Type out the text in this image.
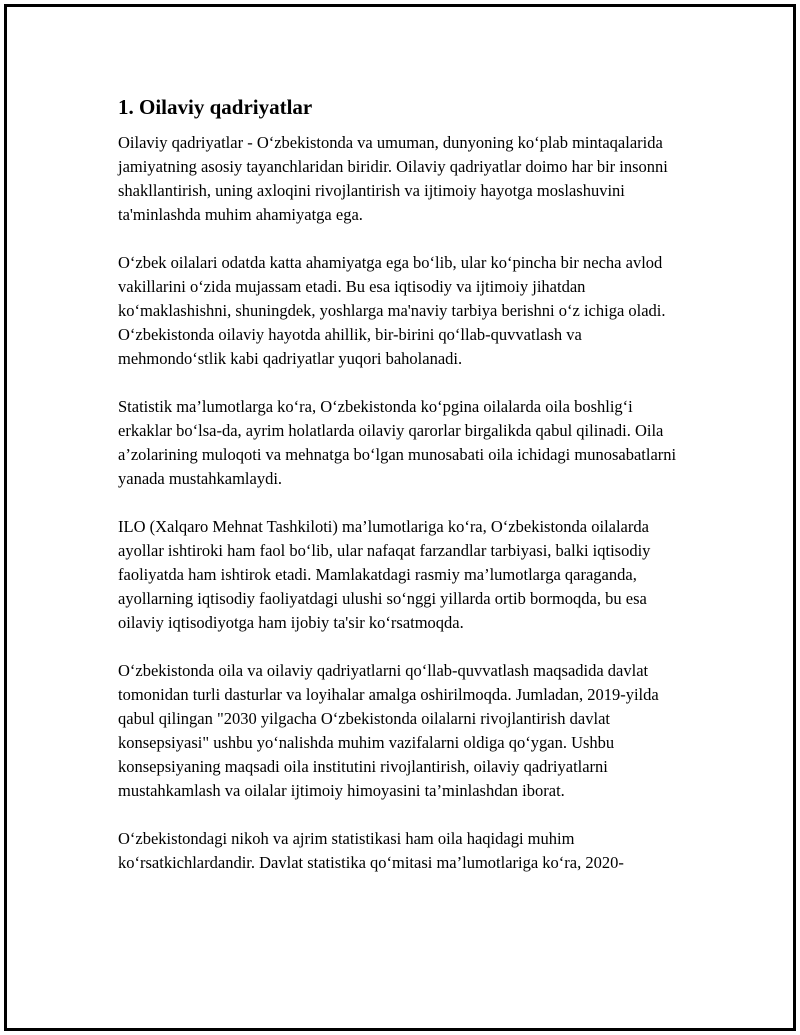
1. Oilaviy qadriyatlar

Oilaviy qadriyatlar - O‘zbekistonda va umuman, dunyoning ko‘plab mintaqalarida jamiyatning asosiy tayanchlaridan biridir. Oilaviy qadriyatlar doimo har bir insonni shakllantirish, uning axloqini rivojlantirish va ijtimoiy hayotga moslashuvini ta'minlashda muhim ahamiyatga ega.

O‘zbek oilalari odatda katta ahamiyatga ega bo‘lib, ular ko‘pincha bir necha avlod vakillarini o‘zida mujassam etadi. Bu esa iqtisodiy va ijtimoiy jihatdan ko‘maklashishni, shuningdek, yoshlarga ma'naviy tarbiya berishni o‘z ichiga oladi. O‘zbekistonda oilaviy hayotda ahillik, bir-birini qo‘llab-quvvatlash va mehmondo‘stlik kabi qadriyatlar yuqori baholanadi.

Statistik ma’lumotlarga ko‘ra, O‘zbekistonda ko‘pgina oilalarda oila boshlig‘i erkaklar bo‘lsa-da, ayrim holatlarda oilaviy qarorlar birgalikda qabul qilinadi. Oila a’zolarining muloqoti va mehnatga bo‘lgan munosabati oila ichidagi munosabatlarni yanada mustahkamlaydi.

ILO (Xalqaro Mehnat Tashkiloti) ma’lumotlariga ko‘ra, O‘zbekistonda oilalarda ayollar ishtiroki ham faol bo‘lib, ular nafaqat farzandlar tarbiyasi, balki iqtisodiy faoliyatda ham ishtirok etadi. Mamlakatdagi rasmiy ma’lumotlarga qaraganda, ayollarning iqtisodiy faoliyatdagi ulushi so‘nggi yillarda ortib bormoqda, bu esa oilaviy iqtisodiyotga ham ijobiy ta'sir ko‘rsatmoqda.

O‘zbekistonda oila va oilaviy qadriyatlarni qo‘llab-quvvatlash maqsadida davlat tomonidan turli dasturlar va loyihalar amalga oshirilmoqda. Jumladan, 2019-yilda qabul qilingan "2030 yilgacha O‘zbekistonda oilalarni rivojlantirish davlat konsepsiyasi" ushbu yo‘nalishda muhim vazifalarni oldiga qo‘ygan. Ushbu konsepsiyaning maqsadi oila institutini rivojlantirish, oilaviy qadriyatlarni mustahkamlash va oilalar ijtimoiy himoyasini ta’minlashdan iborat.

O‘zbekistondagi nikoh va ajrim statistikasi ham oila haqidagi muhim ko‘rsatkichlardandir. Davlat statistika qo‘mitasi ma’lumotlariga ko‘ra, 2020-
